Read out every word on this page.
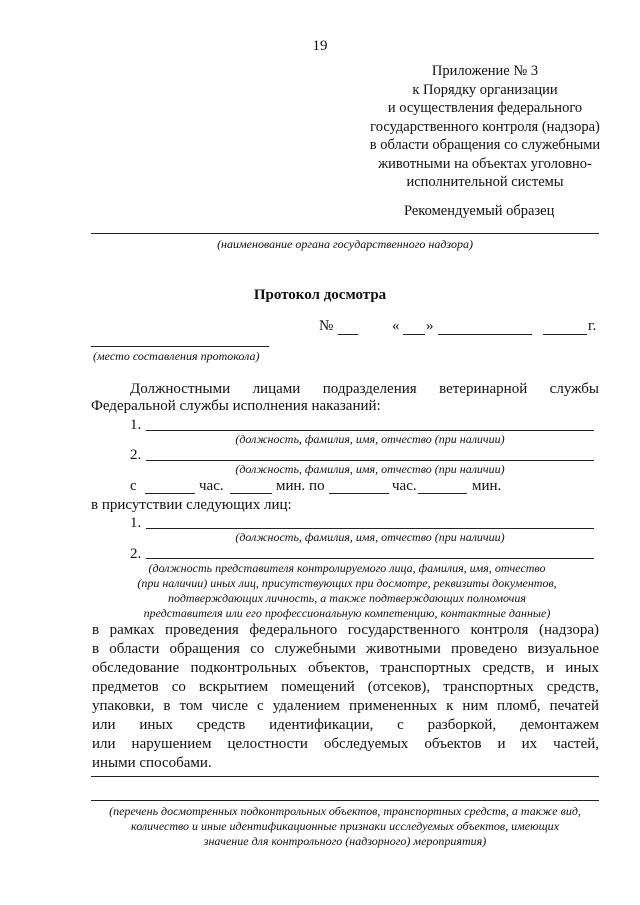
19
Приложение № 3
к Порядку организации
и осуществления федерального
государственного контроля (надзора)
в области обращения со служебными
животными на объектах уголовно-
исполнительной системы
Рекомендуемый образец
(наименование органа государственного надзора)
Протокол досмотра
№	« »	г.
(место составления протокола)
Должностными лицами подразделения ветеринарной службы
Федеральной службы исполнения наказаний:
1.
(должность, фамилия, имя, отчество (при наличии)
2.
(должность, фамилия, имя, отчество (при наличии)
с	час.	мин. по	час.	мин.
в присутствии следующих лиц:
1.
(должность, фамилия, имя, отчество (при наличии)
2.
(должность представителя контролируемого лица, фамилия, имя, отчество
(при наличии) иных лиц, присутствующих при досмотре, реквизиты документов,
подтверждающих личность, а также подтверждающих полномочия
представителя или его профессиональную компетенцию, контактные данные)
в рамках проведения федерального государственного контроля (надзора)
в области обращения со служебными животными проведено визуальное
обследование подконтрольных объектов, транспортных средств, и иных
предметов со вскрытием помещений (отсеков), транспортных средств,
упаковки, в том числе с удалением примененных к ним пломб, печатей
или иных средств идентификации, с разборкой, демонтажем
или нарушением целостности обследуемых объектов и их частей,
иными способами.
(перечень досмотренных подконтрольных объектов, транспортных средств, а также вид,
количество и иные идентификационные признаки исследуемых объектов, имеющих
значение для контрольного (надзорного) мероприятия)
